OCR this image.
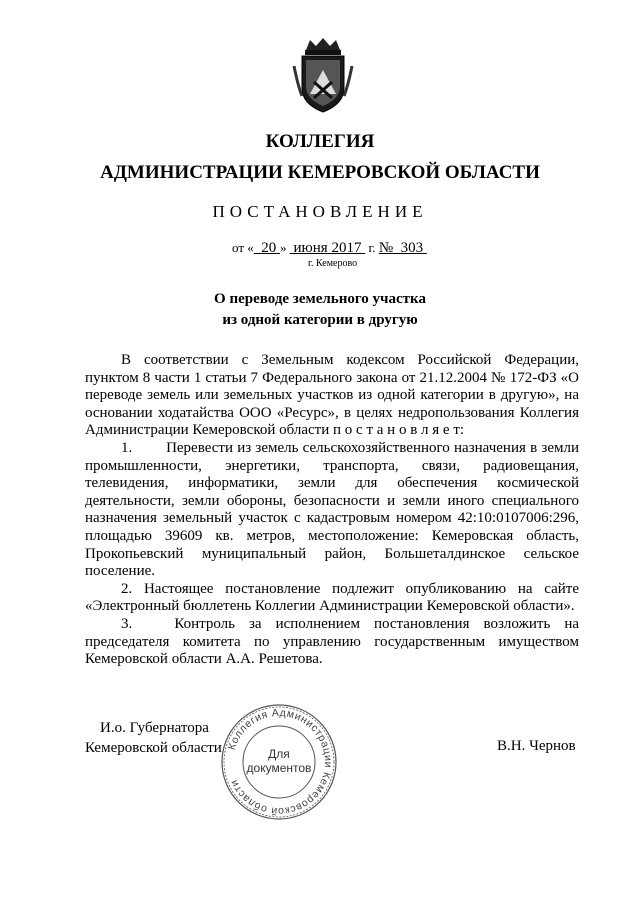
КОЛЛЕГИЯ
АДМИНИСТРАЦИИ КЕМЕРОВСКОЙ ОБЛАСТИ
ПОСТАНОВЛЕНИЕ
от « 20 » июня 2017 г. № 303
г. Кемерово
О переводе земельного участка
из одной категории в другую

В соответствии с Земельным кодексом Российской Федерации, пунктом 8 части 1 статьи 7 Федерального закона от 21.12.2004 № 172-ФЗ «О переводе земель или земельных участков из одной категории в другую», на основании ходатайства ООО «Ресурс», в целях недропользования Коллегия Администрации Кемеровской области п о с т а н о в л я е т:

1.        Перевести из земель сельскохозяйственного назначения в земли промышленности, энергетики, транспорта, связи, радиовещания, телевидения, информатики, земли для обеспечения космической деятельности, земли обороны, безопасности и земли иного специального назначения земельный участок с кадастровым номером 42:10:0107006:296, площадью 39609 кв. метров, местоположение: Кемеровская область, Прокопьевский муниципальный район, Большеталдинское сельское поселение.

2. Настоящее постановление подлежит опубликованию на сайте «Электронный бюллетень Коллегии Администрации Кемеровской области».

3.   Контроль за исполнением постановления возложить на председателя комитета по управлению государственным имуществом Кемеровской области А.А. Решетова.

И.о. Губернатора
Кемеровской области	В.Н. Чернов
Коллегия Администрации Кемеровской области
Для
документов
